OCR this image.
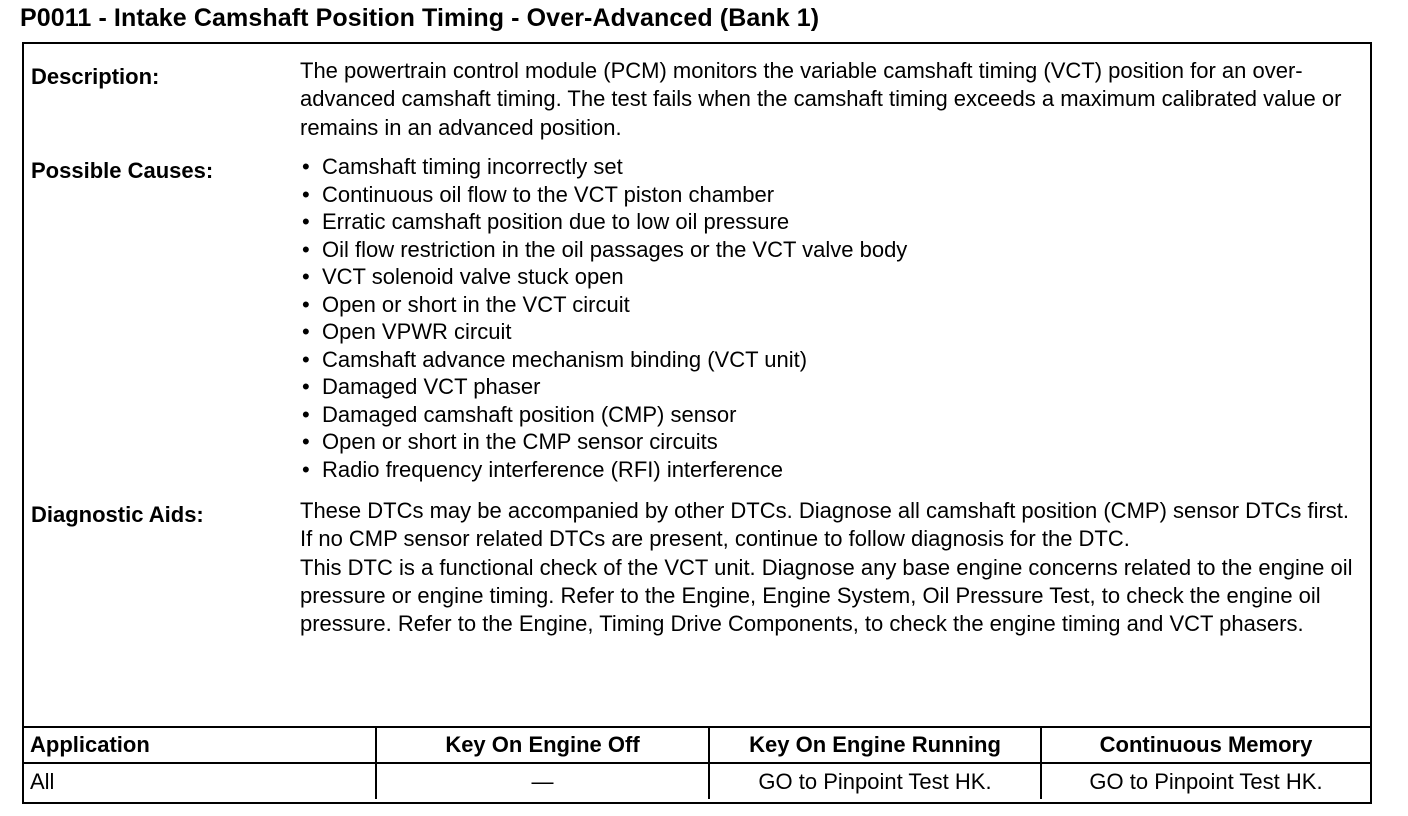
P0011 - Intake Camshaft Position Timing - Over-Advanced (Bank 1)
Description:	The powertrain control module (PCM) monitors the variable camshaft timing (VCT) position for an over-advanced camshaft timing. The test fails when the camshaft timing exceeds a maximum calibrated value or remains in an advanced position.
Possible Causes:	• Camshaft timing incorrectly set
• Continuous oil flow to the VCT piston chamber
• Erratic camshaft position due to low oil pressure
• Oil flow restriction in the oil passages or the VCT valve body
• VCT solenoid valve stuck open
• Open or short in the VCT circuit
• Open VPWR circuit
• Camshaft advance mechanism binding (VCT unit)
• Damaged VCT phaser
• Damaged camshaft position (CMP) sensor
• Open or short in the CMP sensor circuits
• Radio frequency interference (RFI) interference
Diagnostic Aids:	These DTCs may be accompanied by other DTCs. Diagnose all camshaft position (CMP) sensor DTCs first. If no CMP sensor related DTCs are present, continue to follow diagnosis for the DTC.

This DTC is a functional check of the VCT unit. Diagnose any base engine concerns related to the engine oil pressure or engine timing. Refer to the Engine, Engine System, Oil Pressure Test, to check the engine oil pressure. Refer to the Engine, Timing Drive Components, to check the engine timing and VCT phasers.

Application	Key On Engine Off	Key On Engine Running	Continuous Memory
All	—	GO to Pinpoint Test HK.	GO to Pinpoint Test HK.
